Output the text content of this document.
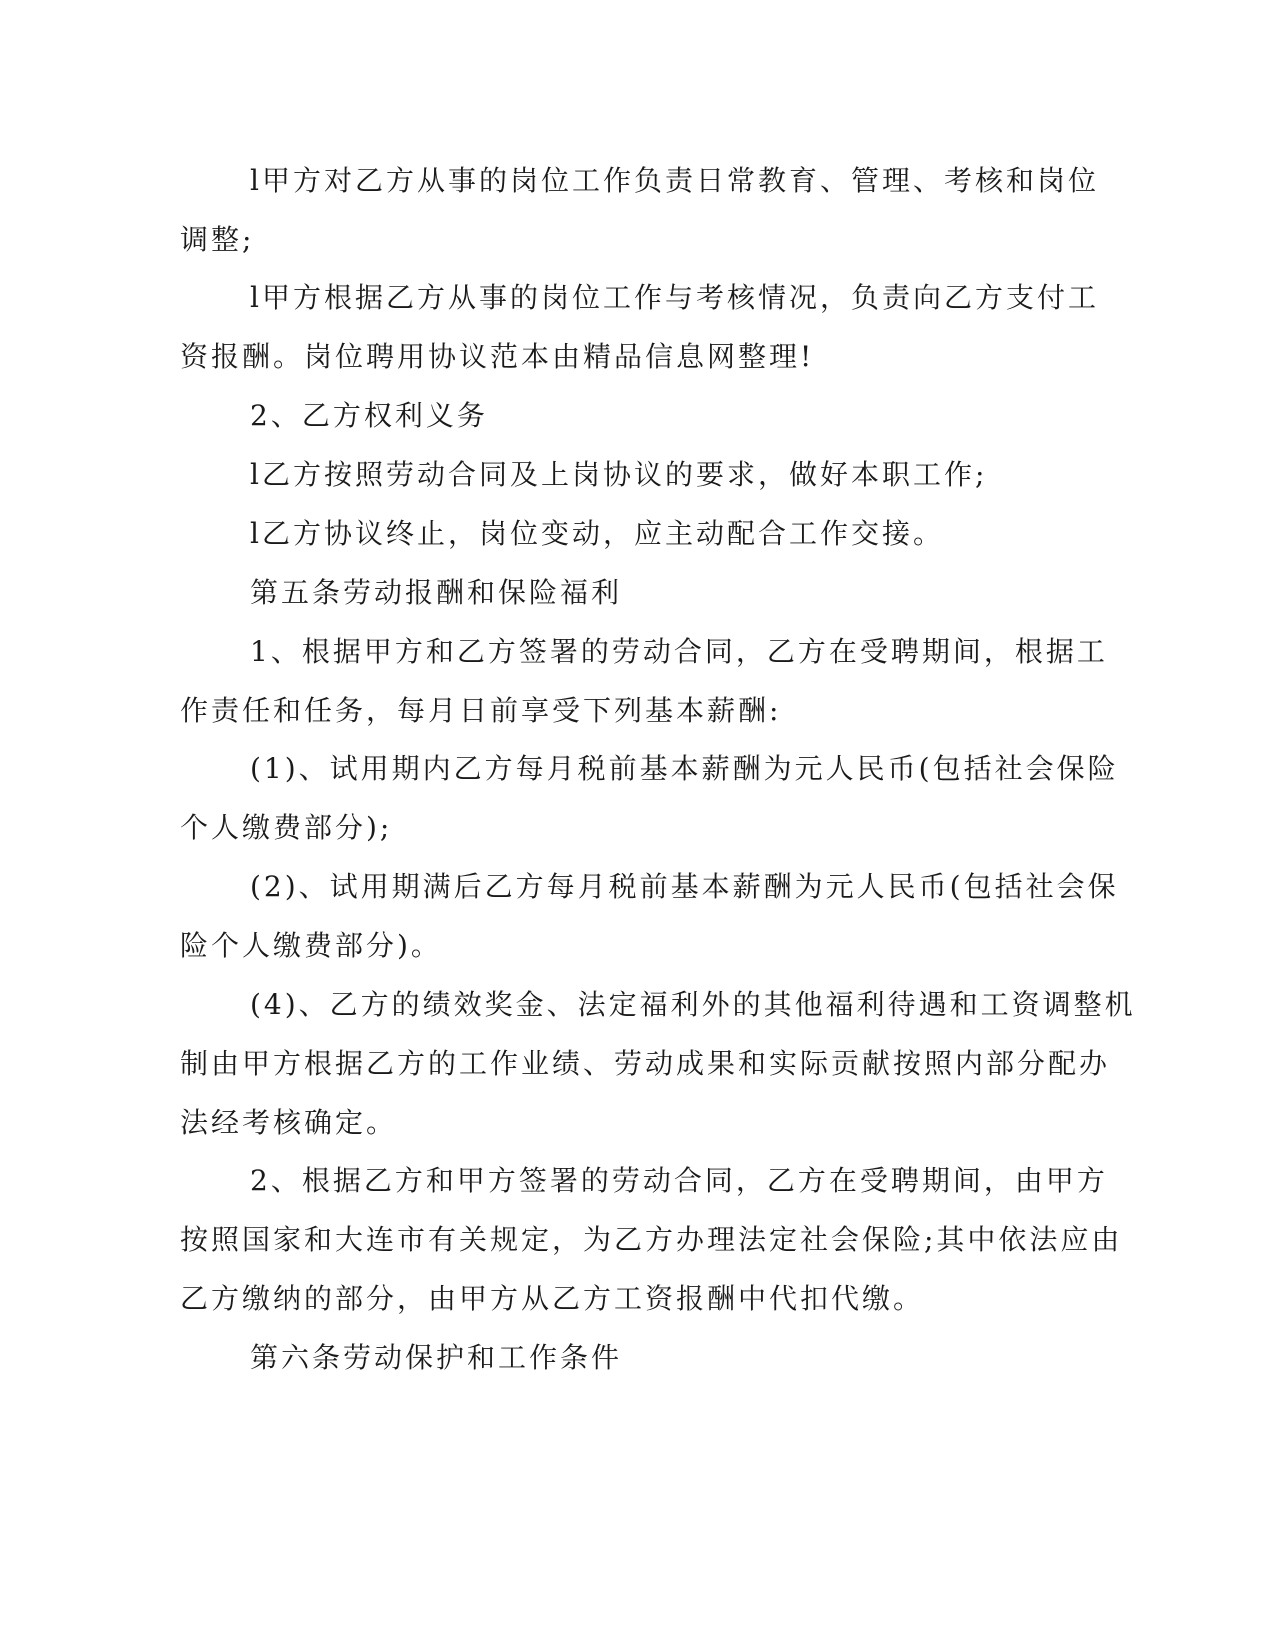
l甲方对乙方从事的岗位工作负责日常教育、管理、考核和岗位
调整;
l甲方根据乙方从事的岗位工作与考核情况，负责向乙方支付工
资报酬。岗位聘用协议范本由精品信息网整理!
2、乙方权利义务
l乙方按照劳动合同及上岗协议的要求，做好本职工作;
l乙方协议终止，岗位变动，应主动配合工作交接。
第五条劳动报酬和保险福利
1、根据甲方和乙方签署的劳动合同，乙方在受聘期间，根据工
作责任和任务，每月日前享受下列基本薪酬:
(1)、试用期内乙方每月税前基本薪酬为元人民币(包括社会保险
个人缴费部分);
(2)、试用期满后乙方每月税前基本薪酬为元人民币(包括社会保
险个人缴费部分)。
(4)、乙方的绩效奖金、法定福利外的其他福利待遇和工资调整机
制由甲方根据乙方的工作业绩、劳动成果和实际贡献按照内部分配办
法经考核确定。
2、根据乙方和甲方签署的劳动合同，乙方在受聘期间，由甲方
按照国家和大连市有关规定，为乙方办理法定社会保险;其中依法应由
乙方缴纳的部分，由甲方从乙方工资报酬中代扣代缴。
第六条劳动保护和工作条件
